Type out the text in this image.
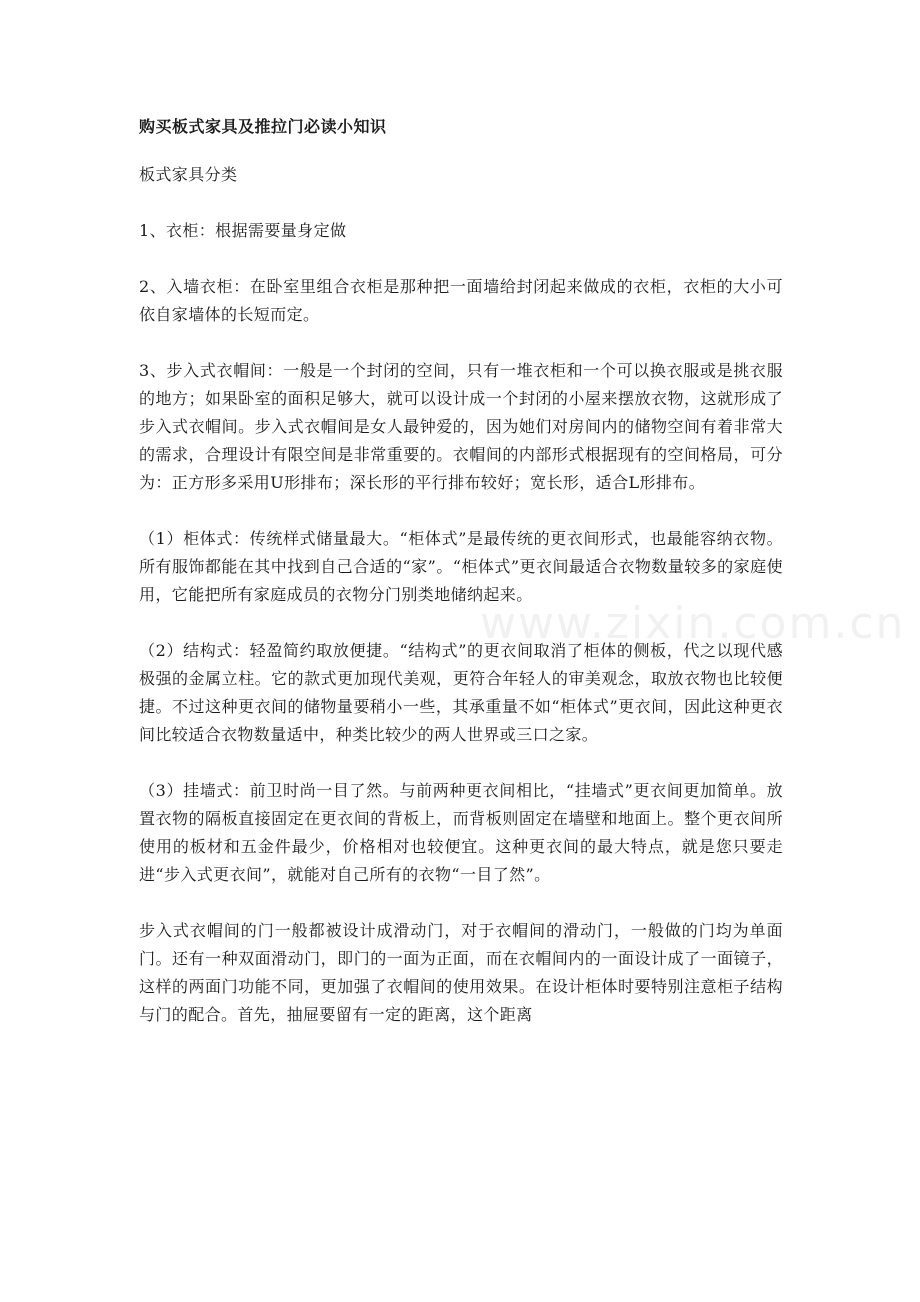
购买板式家具及推拉门必读小知识

板式家具分类

1、衣柜：根据需要量身定做

2、入墙衣柜：在卧室里组合衣柜是那种把一面墙给封闭起来做成的衣柜，衣柜的大小可依自家墙体的长短而定。

3、步入式衣帽间：一般是一个封闭的空间，只有一堆衣柜和一个可以换衣服或是挑衣服的地方；如果卧室的面积足够大，就可以设计成一个封闭的小屋来摆放衣物，这就形成了步入式衣帽间。步入式衣帽间是女人最钟爱的，因为她们对房间内的储物空间有着非常大的需求，合理设计有限空间是非常重要的。衣帽间的内部形式根据现有的空间格局，可分为：正方形多采用U形排布；深长形的平行排布较好；宽长形，适合L形排布。

（1）柜体式：传统样式储量最大。“柜体式”是最传统的更衣间形式，也最能容纳衣物。所有服饰都能在其中找到自己合适的“家”。“柜体式”更衣间最适合衣物数量较多的家庭使用，它能把所有家庭成员的衣物分门别类地储纳起来。

（2）结构式：轻盈简约取放便捷。“结构式”的更衣间取消了柜体的侧板，代之以现代感极强的金属立柱。它的款式更加现代美观，更符合年轻人的审美观念，取放衣物也比较便捷。不过这种更衣间的储物量要稍小一些，其承重量不如“柜体式”更衣间，因此这种更衣间比较适合衣物数量适中，种类比较少的两人世界或三口之家。

（3）挂墙式：前卫时尚一目了然。与前两种更衣间相比，“挂墙式”更衣间更加简单。放置衣物的隔板直接固定在更衣间的背板上，而背板则固定在墙壁和地面上。整个更衣间所使用的板材和五金件最少，价格相对也较便宜。这种更衣间的最大特点，就是您只要走进“步入式更衣间”，就能对自己所有的衣物“一目了然”。

步入式衣帽间的门一般都被设计成滑动门，对于衣帽间的滑动门，一般做的门均为单面门。还有一种双面滑动门，即门的一面为正面，而在衣帽间内的一面设计成了一面镜子，这样的两面门功能不同，更加强了衣帽间的使用效果。在设计柜体时要特别注意柜子结构与门的配合。首先，抽屉要留有一定的距离，这个距离

www.zixin.com.cn
